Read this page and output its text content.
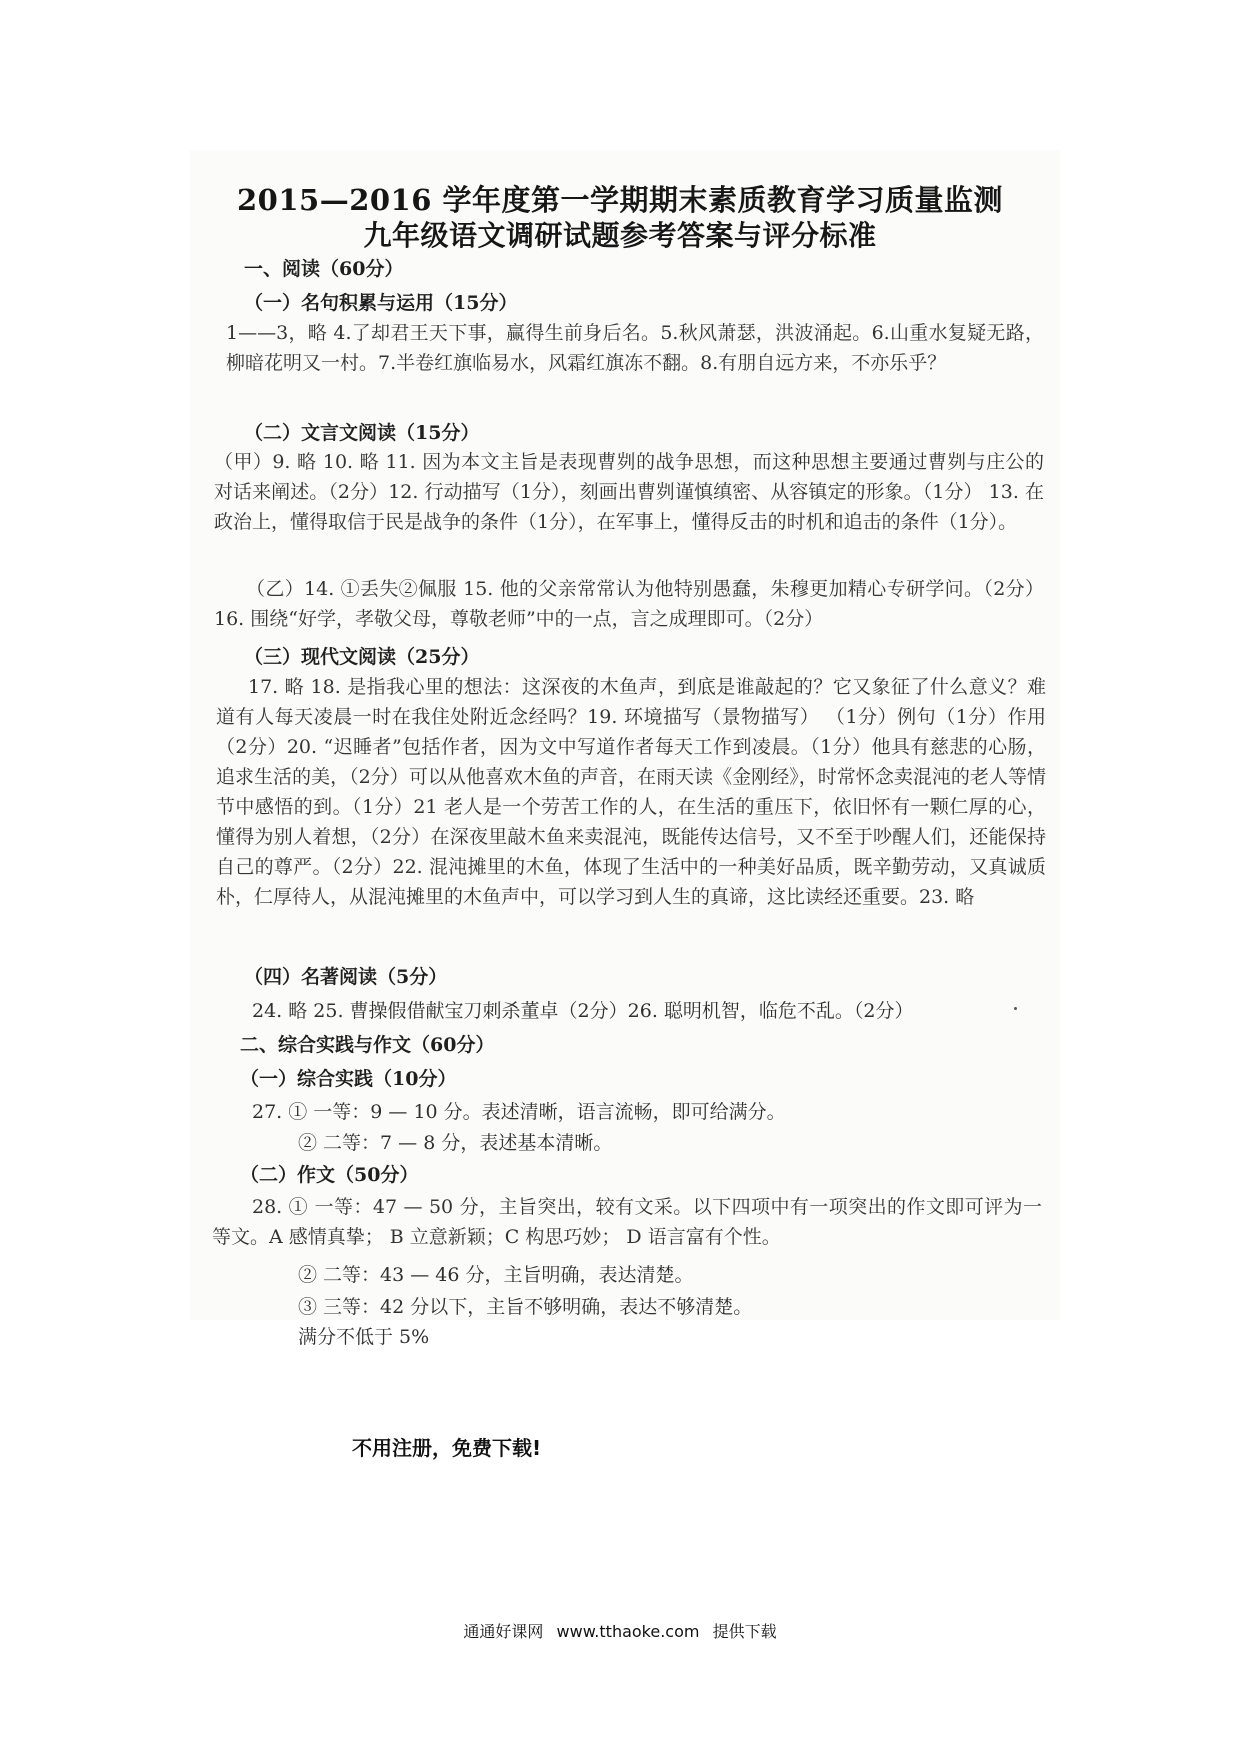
2015—2016 学年度第一学期期末素质教育学习质量监测
九年级语文调研试题参考答案与评分标准
一、阅读（60分）
（一）名句积累与运用（15分）
1——3，略 4.了却君王天下事，赢得生前身后名。5.秋风萧瑟，洪波涌起。6.山重水复疑无路，柳暗花明又一村。7.半卷红旗临易水，风霜红旗冻不翻。8.有朋自远方来，不亦乐乎？
（二）文言文阅读（15分）
（甲）9. 略 10. 略 11. 因为本文主旨是表现曹刿的战争思想，而这种思想主要通过曹刿与庄公的对话来阐述。（2分）12. 行动描写（1分），刻画出曹刿谨慎缜密、从容镇定的形象。（1分） 13. 在政治上，懂得取信于民是战争的条件（1分），在军事上，懂得反击的时机和追击的条件（1分）。
（乙）14. ①丢失②佩服 15. 他的父亲常常认为他特别愚蠢，朱穆更加精心专研学问。（2分）16. 围绕“好学，孝敬父母，尊敬老师”中的一点，言之成理即可。（2分）
（三）现代文阅读（25分）
17. 略 18. 是指我心里的想法：这深夜的木鱼声，到底是谁敲起的？它又象征了什么意义？难道有人每天凌晨一时在我住处附近念经吗？19. 环境描写（景物描写） （1分）例句（1分）作用（2分）20. “迟睡者”包括作者，因为文中写道作者每天工作到凌晨。（1分）他具有慈悲的心肠，追求生活的美，（2分）可以从他喜欢木鱼的声音，在雨天读《金刚经》，时常怀念卖混沌的老人等情节中感悟的到。（1分）21 老人是一个劳苦工作的人，在生活的重压下，依旧怀有一颗仁厚的心，懂得为别人着想，（2分）在深夜里敲木鱼来卖混沌，既能传达信号，又不至于吵醒人们，还能保持自己的尊严。（2分）22. 混沌摊里的木鱼，体现了生活中的一种美好品质，既辛勤劳动，又真诚质朴，仁厚待人，从混沌摊里的木鱼声中，可以学习到人生的真谛，这比读经还重要。23. 略
（四）名著阅读（5分）
24. 略 25. 曹操假借献宝刀刺杀董卓（2分）26. 聪明机智，临危不乱。（2分）
二、综合实践与作文（60分）
（一）综合实践（10分）
27. ① 一等：9 — 10 分。表述清晰，语言流畅，即可给满分。
② 二等：7 — 8 分，表述基本清晰。
（二）作文（50分）
28. ① 一等：47 — 50 分，主旨突出，较有文采。以下四项中有一项突出的作文即可评为一等文。A 感情真挚； B 立意新颖；C 构思巧妙； D 语言富有个性。
② 二等：43 — 46 分，主旨明确，表达清楚。
③ 三等：42 分以下，主旨不够明确，表达不够清楚。
满分不低于 5%
不用注册，免费下载!
通通好课网 www.tthaoke.com 提供下载
